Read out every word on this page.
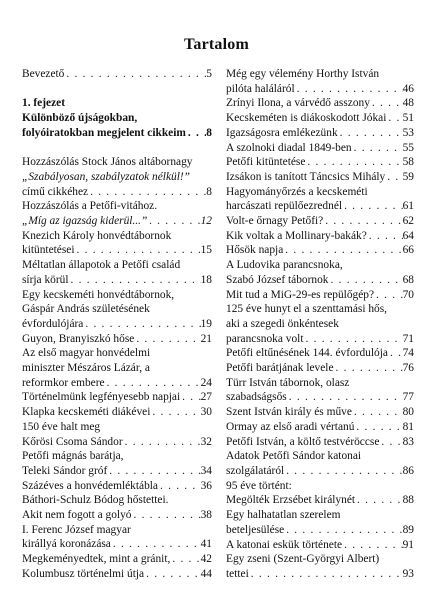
Tartalom
Bevezető . . .	5
1. fejezet
Különböző újságokban,
folyóiratokban megjelent cikkeim . . . 8
Hozzászólás Stock János altábornagy
„Szabályosan, szabályzatok nélkül!”
című cikkéhez . . .	8
Hozzászólás a Petőfi-vitához.
„Míg az igazság kiderül...” . . .	12
Knezich Károly honvédtábornok
kitüntetései . . .	15
Méltatlan állapotok a Petőfi család
sírja körül . . .	18
Egy kecskeméti honvédtábornok,
Gáspár András születésének
évfordulójára . . .	19
Guyon, Branyiszkó hőse . . .	21
Az első magyar honvédelmi
miniszter Mészáros Lázár, a
reformkor embere . . .	24
Történelmünk legfényesebb napjai . . . 27
Klapka kecskeméti diákévei . . .	30
150 éve halt meg
Kőrösi Csoma Sándor . . .	32
Petőfi mágnás barátja,
Teleki Sándor gróf . . .	34
Százéves a honvédemléktábla . . .	36
Báthori-Schulz Bódog hőstettei.
Akit nem fogott a golyó . . .	38
I. Ferenc József magyar
királlyá koronázása . . .	41
Megkeményedtek, mint a gránit, . . .	42
Kolumbusz történelmi útja . . .	44
Még egy vélemény Horthy István
pilóta haláláról . . .	46
Zrínyi Ilona, a várvédő asszony . . .	48
Kecskeméten is diákoskodott Jókai . . . 51
Igazságosra emlékezünk . . .	53
A szolnoki diadal 1849-ben . . .	55
Petőfi kitüntetése . . .	58
Izsákon is tanított Táncsics Mihály . . . 59
Hagyományőrzés a kecskeméti
harcászati repülőezrednél . . .	61
Volt-e őrnagy Petőfi? . . .	62
Kik voltak a Mollinary-bakák? . . .	64
Hősök napja . . .	66
A Ludovika parancsnoka,
Szabó József tábornok . . .	68
Mit tud a MiG-29-es repülőgép? . . .	70
125 éve hunyt el a szenttamási hős,
aki a szegedi önkéntesek
parancsnoka volt . . .	71
Petőfi eltűnésének 144. évfordulója . . . 74
Petőfi barátjának levele . . .	76
Türr István tábornok, olasz
szabadságsős . . .	77
Szent István király és műve . . .	80
Ormay az első aradi vértanú . . .	81
Petőfi István, a költő testvéröccse . . . 83
Adatok Petőfi Sándor katonai
szolgálatáról . . .	86
95 éve történt:
Megölték Erzsébet királynét . . .	88
Egy halhatatlan szerelem
beteljesülése . . .	89
A katonai eskük története . . .	91
Egy zseni (Szent-Györgyi Albert)
tettei . . .	93
